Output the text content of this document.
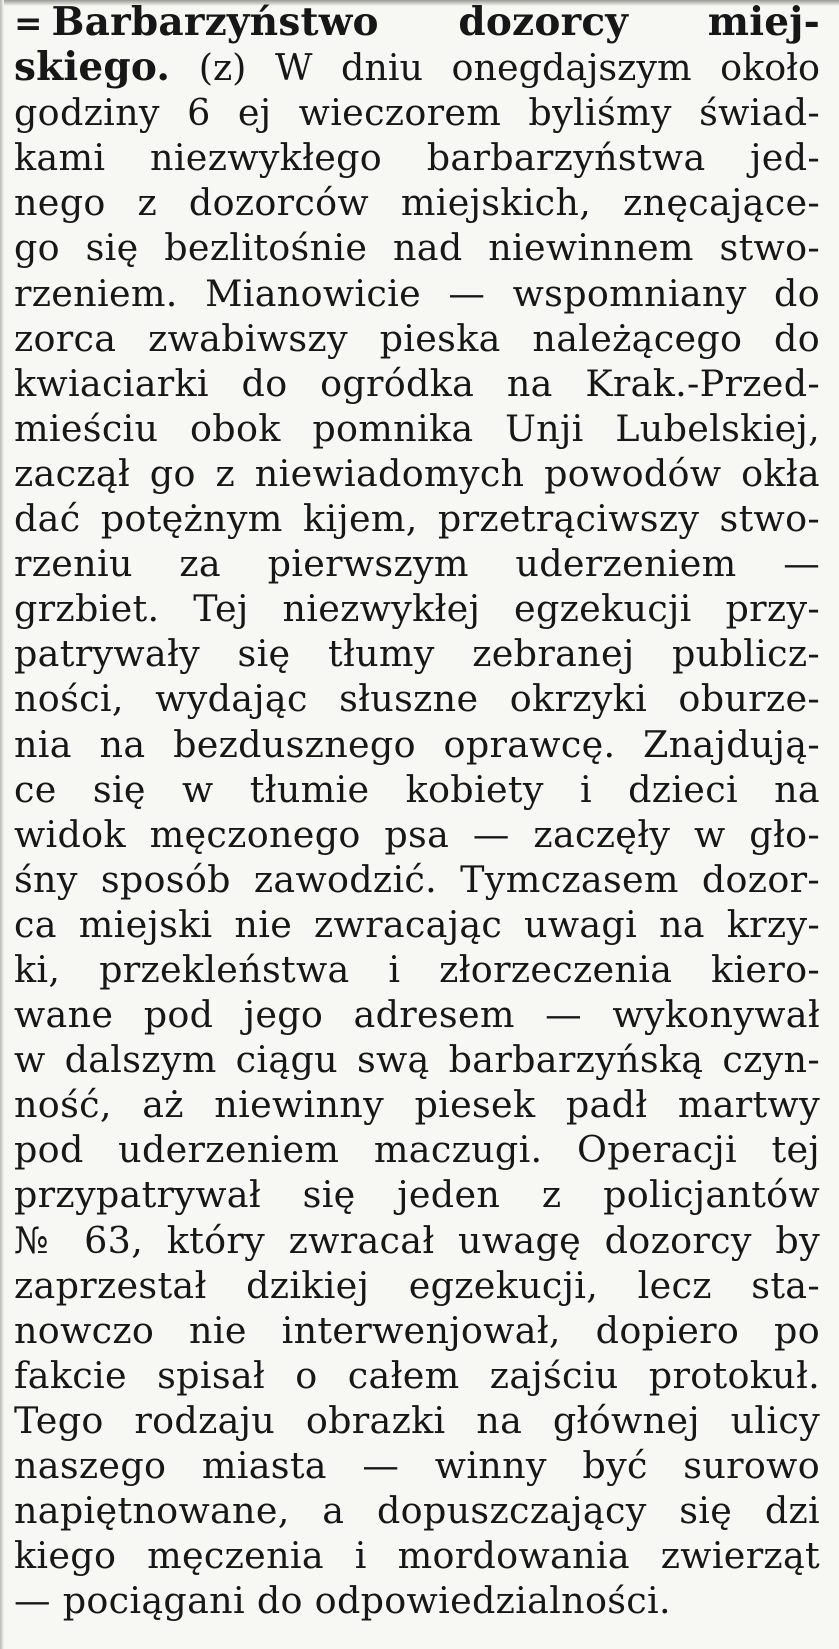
= Barbarzyństwo dozorcy miej-
skiego. (z) W dniu onegdajszym około
godziny 6 ej wieczorem byliśmy świad-
kami niezwykłego barbarzyństwa jed-
nego z dozorców miejskich, znęcające-
go się bezlitośnie nad niewinnem stwo-
rzeniem. Mianowicie — wspomniany do
zorca zwabiwszy pieska należącego do
kwiaciarki do ogródka na Krak.-Przed-
mieściu obok pomnika Unji Lubelskiej,
zaczął go z niewiadomych powodów okła
dać potężnym kijem, przetrąciwszy stwo-
rzeniu za pierwszym uderzeniem —
grzbiet. Tej niezwykłej egzekucji przy-
patrywały się tłumy zebranej publicz-
ności, wydając słuszne okrzyki oburze-
nia na bezdusznego oprawcę. Znajdują-
ce się w tłumie kobiety i dzieci na
widok męczonego psa — zaczęły w gło-
śny sposób zawodzić. Tymczasem dozor-
ca miejski nie zwracając uwagi na krzy-
ki, przekleństwa i złorzeczenia kiero-
wane pod jego adresem — wykonywał
w dalszym ciągu swą barbarzyńską czyn-
ność, aż niewinny piesek padł martwy
pod uderzeniem maczugi. Operacji tej
przypatrywał się jeden z policjantów
№ 63, który zwracał uwagę dozorcy by
zaprzestał dzikiej egzekucji, lecz sta-
nowczo nie interwenjował, dopiero po
fakcie spisał o całem zajściu protokuł.
Tego rodzaju obrazki na głównej ulicy
naszego miasta — winny być surowo
napiętnowane, a dopuszczający się dzi
kiego męczenia i mordowania zwierząt
— pociągani do odpowiedzialności.
